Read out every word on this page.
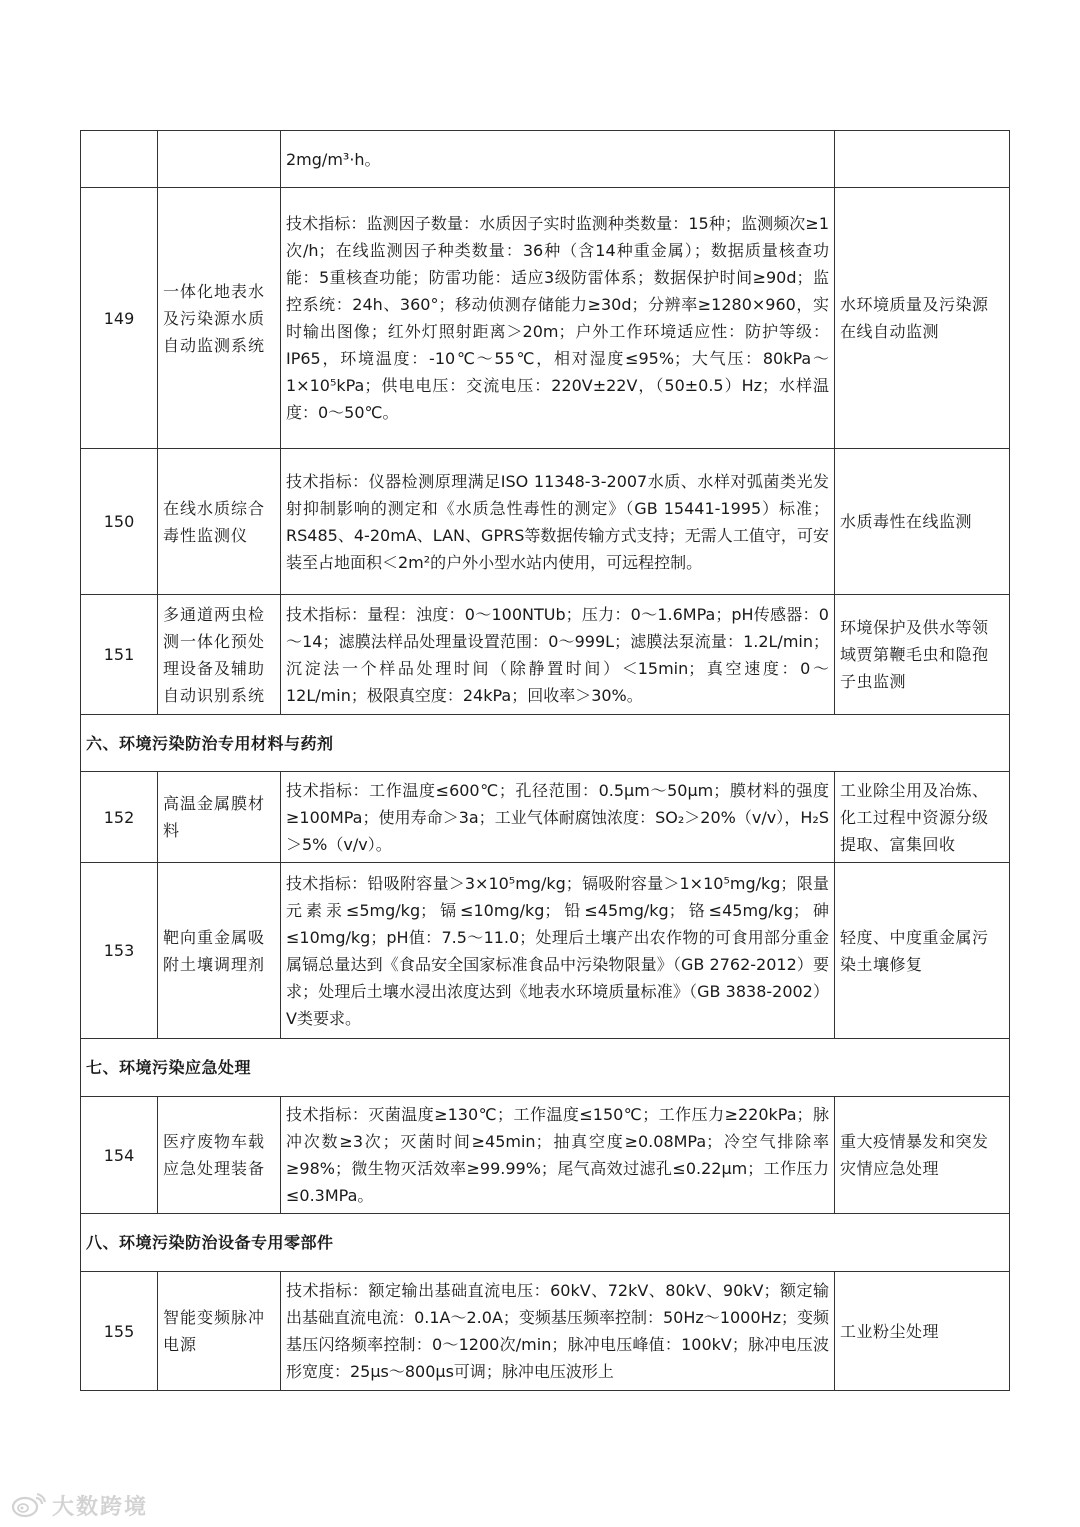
		2mg/m³·h。	
149	一体化地表水及污染源水质自动监测系统	技术指标：监测因子数量：水质因子实时监测种类数量：15种；监测频次≥1次/h；在线监测因子种类数量：36种（含14种重金属）；数据质量核查功能：5重核查功能；防雷功能：适应3级防雷体系；数据保护时间≥90d；监控系统：24h、360°；移动侦测存储能力≥30d；分辨率≥1280×960，实时输出图像；红外灯照射距离＞20m；户外工作环境适应性：防护等级：IP65，环境温度：-10℃～55℃，相对湿度≤95%；大气压：80kPa～1×10⁵kPa；供电电压：交流电压：220V±22V，（50±0.5）Hz；水样温度：0～50℃。	水环境质量及污染源在线自动监测
150	在线水质综合毒性监测仪	技术指标：仪器检测原理满足ISO 11348-3-2007水质、水样对弧菌类光发射抑制影响的测定和《水质急性毒性的测定》（GB 15441-1995）标准；RS485、4-20mA、LAN、GPRS等数据传输方式支持；无需人工值守，可安装至占地面积＜2m²的户外小型水站内使用，可远程控制。	水质毒性在线监测
151	多通道两虫检测一体化预处理设备及辅助自动识别系统	技术指标：量程：浊度：0～100NTUb；压力：0～1.6MPa；pH传感器：0～14；滤膜法样品处理量设置范围：0～999L；滤膜法泵流量：1.2L/min；沉淀法一个样品处理时间（除静置时间）＜15min；真空速度：0～12L/min；极限真空度：24kPa；回收率＞30%。	环境保护及供水等领域贾第鞭毛虫和隐孢子虫监测
六、环境污染防治专用材料与药剂			
152	高温金属膜材料	技术指标：工作温度≤600℃；孔径范围：0.5μm～50μm；膜材料的强度≥100MPa；使用寿命＞3a；工业气体耐腐蚀浓度：SO₂＞20%（v/v），H₂S＞5%（v/v）。	工业除尘用及冶炼、化工过程中资源分级提取、富集回收
153	靶向重金属吸附土壤调理剂	技术指标：铅吸附容量＞3×10⁵mg/kg；镉吸附容量＞1×10⁵mg/kg；限量元素汞≤5mg/kg；镉≤10mg/kg；铅≤45mg/kg；铬≤45mg/kg；砷≤10mg/kg；pH值：7.5～11.0；处理后土壤产出农作物的可食用部分重金属镉总量达到《食品安全国家标准食品中污染物限量》（GB 2762-2012）要求；处理后土壤水浸出浓度达到《地表水环境质量标准》（GB 3838-2002）V类要求。	轻度、中度重金属污染土壤修复
七、环境污染应急处理			
154	医疗废物车载应急处理装备	技术指标：灭菌温度≥130℃；工作温度≤150℃；工作压力≥220kPa；脉冲次数≥3次；灭菌时间≥45min；抽真空度≥0.08MPa；冷空气排除率≥98%；微生物灭活效率≥99.99%；尾气高效过滤孔≤0.22μm；工作压力≤0.3MPa。	重大疫情暴发和突发灾情应急处理
八、环境污染防治设备专用零部件			
155	智能变频脉冲电源	技术指标：额定输出基础直流电压：60kV、72kV、80kV、90kV；额定输出基础直流电流：0.1A～2.0A；变频基压频率控制：50Hz～1000Hz；变频基压闪络频率控制：0～1200次/min；脉冲电压峰值：100kV；脉冲电压波形宽度：25μs～800μs可调；脉冲电压波形上	工业粉尘处理
大数跨境
